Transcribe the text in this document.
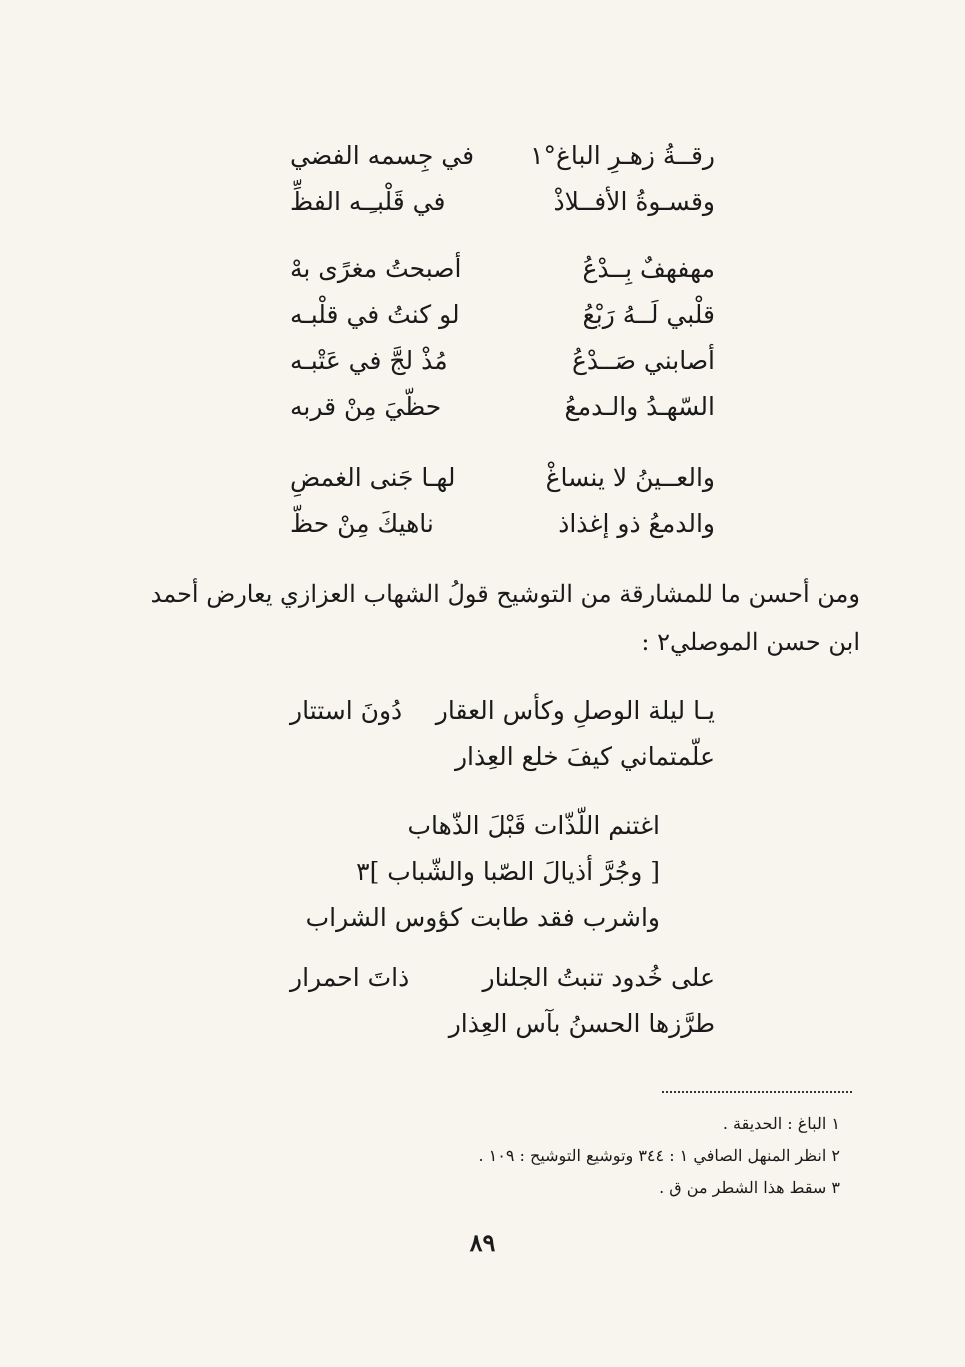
رقــةُ زهـرِ الباغ°١
في جِسمه الفضي
وقسـوةُ الأفــلاذْ
في قَلْبـِـه الفظِّ
مهفهفٌ بِــدْعُ
أصبحتُ مغرًى بهْ
قلْبي لَــهُ رَبْعُ
لو كنتُ في قلْبـه
أصابني صَــدْعُ
مُذْ لجَّ في عَتْبـه
السّهـدُ والـدمعُ
حظّيَ مِنْ قربه
والعــينُ لا ينساغْ
لهـا جَنى الغمضِ
والدمعُ ذو إغذاذ
ناهيكَ مِنْ حظّ

ومن أحسن ما للمشارقة من التوشيح قولُ الشهاب العزازي يعارض أحمد

ابن حسن الموصلي٢ :

يـا ليلة الوصلِ وكأس العقار
دُونَ استتار
علّمتماني كيفَ خلع العِذار
اغتنم اللّذّات قَبْلَ الذّهاب
[ وجُرَّ أذيالَ الصّبا والشّباب ]٣
واشرب فقد طابت كؤوس الشراب
على خُدود تنبتُ الجلنار
ذاتَ احمرار
طرَّزها الحسنُ بآس العِذار
١ الباغ : الحديقة .
٢ انظر المنهل الصافي ١ : ٣٤٤ وتوشيع التوشيح : ١٠٩ .
٣ سقط هذا الشطر من ق .
٨٩
